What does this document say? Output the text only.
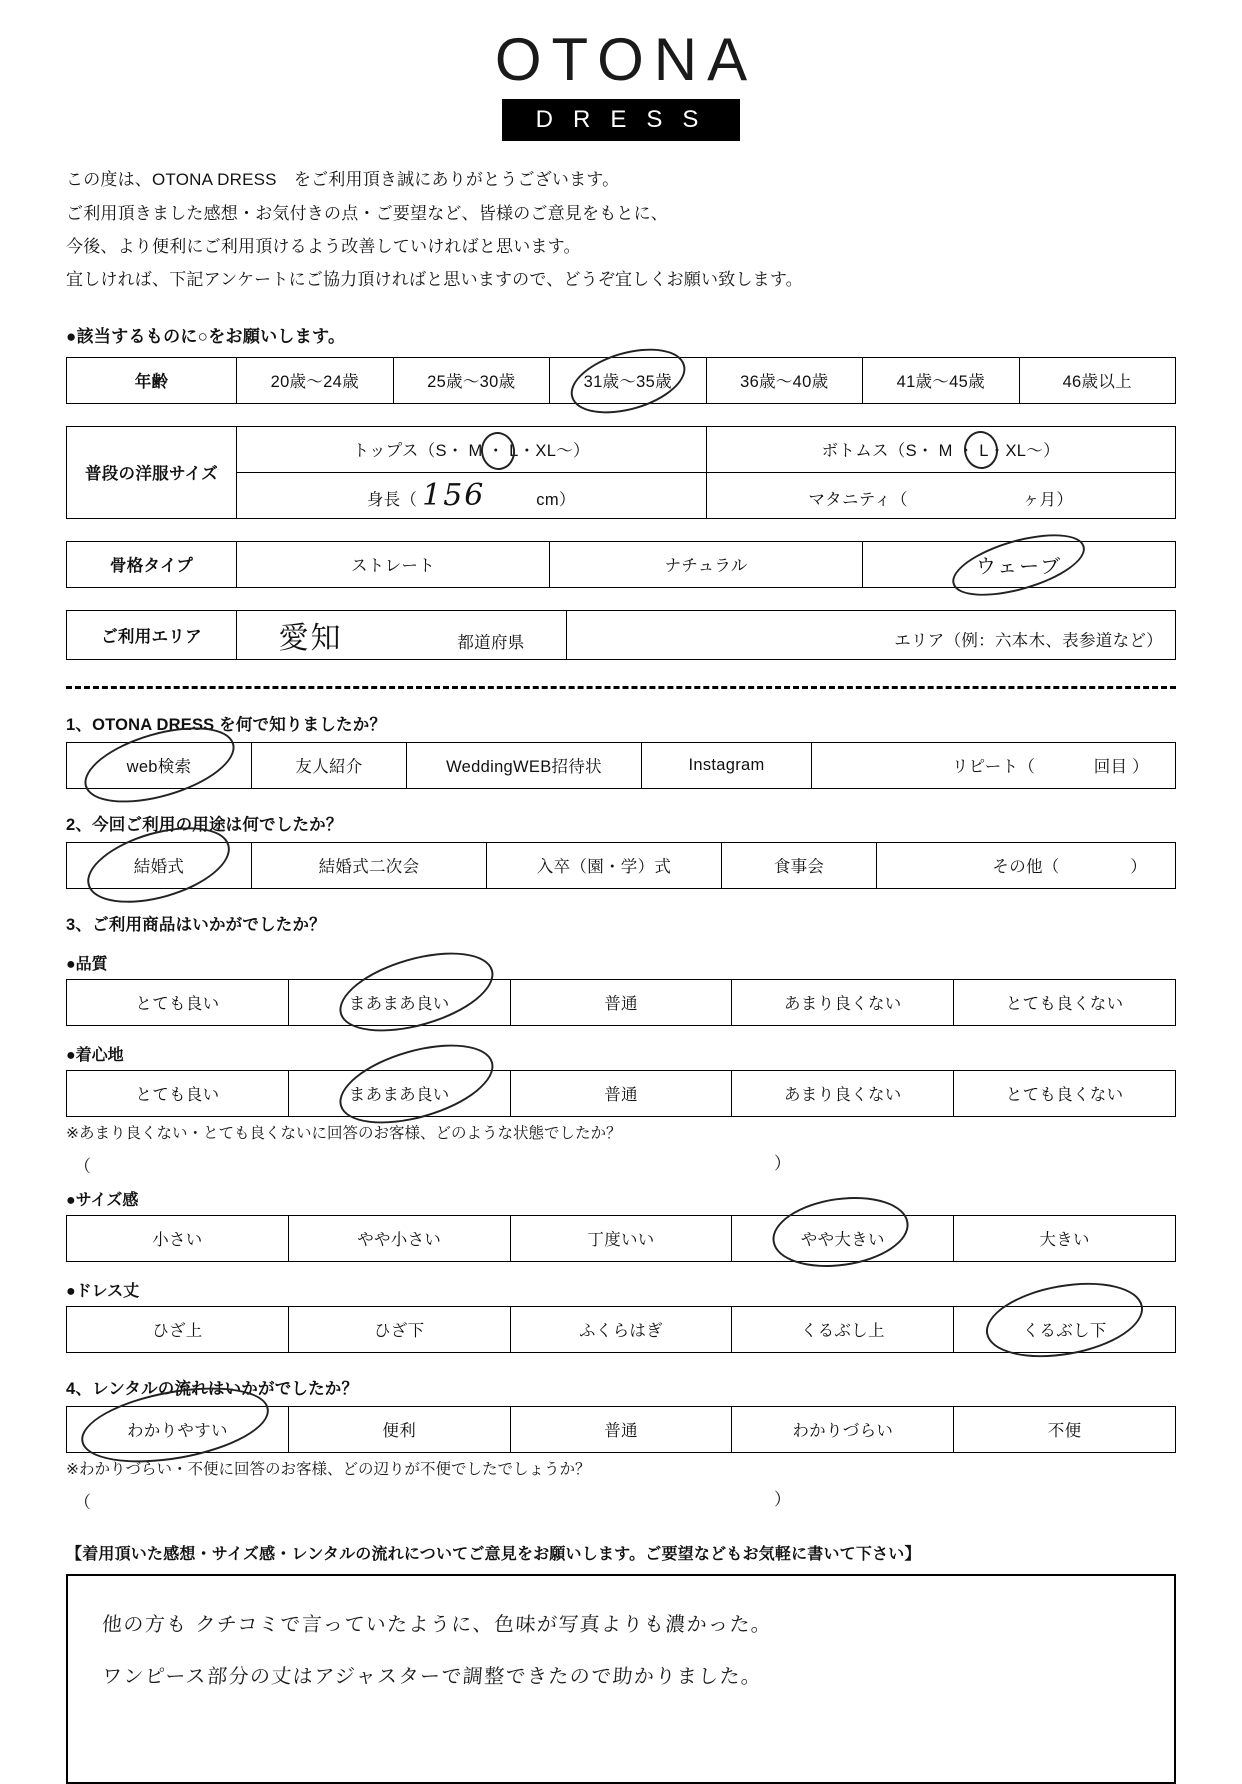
OTONA
DRESS
この度は、OTONA DRESS　をご利用頂き誠にありがとうございます。
ご利用頂きました感想・お気付きの点・ご要望など、皆様のご意見をもとに、
今後、より便利にご利用頂けるよう改善していければと思います。
宜しければ、下記アンケートにご協力頂ければと思いますので、どうぞ宜しくお願い致します。
●該当するものに○をお願いします。
年齢	20歳～24歳	25歳～30歳	31歳～35歳	36歳～40歳	41歳～45歳	46歳以上
普段の洋服サイズ	トップス（S・ M ・ L・XL～）	ボトムス（S・ M ・ L・XL～）

	身長（ 156 cm）	マタニティ（ ヶ月）
骨格タイプ	ストレート	ナチュラル	ウェーブ
ご利用エリア	愛知	都道府県	エリア（例：六本木、表参道など）
1、OTONA DRESS を何で知りましたか？
web検索	友人紹介	WeddingWEB招待状	Instagram	リピート（	回目 ）
2、今回ご利用の用途は何でしたか？
結婚式	結婚式二次会	入卒（園・学）式	食事会	その他（	）
3、ご利用商品はいかがでしたか？
●品質
とても良い	まあまあ良い	普通	あまり良くない	とても良くない
●着心地
とても良い	まあまあ良い	普通	あまり良くない	とても良くない
※あまり良くない・とても良くないに回答のお客様、どのような状態でしたか？
（	）
●サイズ感
小さい	やや小さい	丁度いい	やや大きい	大きい
●ドレス丈
ひざ上	ひざ下	ふくらはぎ	くるぶし上	くるぶし下
4、レンタルの流れはいかがでしたか？
わかりやすい	便利	普通	わかりづらい	不便
※わかりづらい・不便に回答のお客様、どの辺りが不便でしたでしょうか？
（	）
【着用頂いた感想・サイズ感・レンタルの流れについてご意見をお願いします。ご要望などもお気軽に書いて下さい】
他の方も クチコミで言っていたように、色味が写真よりも濃かった。
ワンピース部分の丈はアジャスターで調整できたので助かりました。
